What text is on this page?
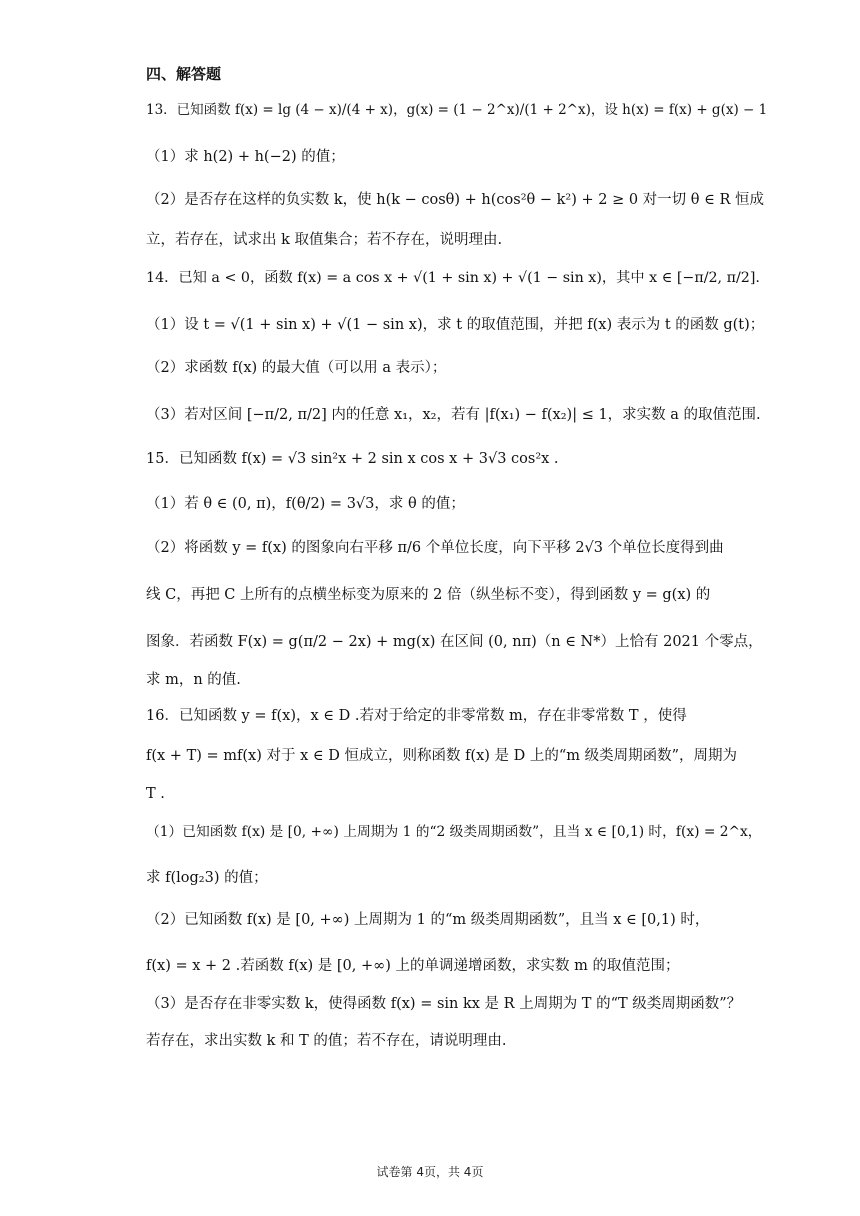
四、解答题
13．已知函数 f(x) = lg (4 − x)/(4 + x)，g(x) = (1 − 2^x)/(1 + 2^x)，设 h(x) = f(x) + g(x) − 1
（1）求 h(2) + h(−2) 的值；
（2）是否存在这样的负实数 k，使 h(k − cosθ) + h(cos²θ − k²) + 2 ≥ 0 对一切 θ ∈ R 恒成
立，若存在，试求出 k 取值集合；若不存在，说明理由.
14．已知 a < 0，函数 f(x) = a cos x + √(1 + sin x) + √(1 − sin x)，其中 x ∈ [−π/2, π/2].
（1）设 t = √(1 + sin x) + √(1 − sin x)，求 t 的取值范围，并把 f(x) 表示为 t 的函数 g(t)；
（2）求函数 f(x) 的最大值（可以用 a 表示）；
（3）若对区间 [−π/2, π/2] 内的任意 x₁，x₂，若有 |f(x₁) − f(x₂)| ≤ 1，求实数 a 的取值范围.
15．已知函数 f(x) = √3 sin²x + 2 sin x cos x + 3√3 cos²x .
（1）若 θ ∈ (0, π)，f(θ/2) = 3√3，求 θ 的值；
（2）将函数 y = f(x) 的图象向右平移 π/6 个单位长度，向下平移 2√3 个单位长度得到曲
线 C，再把 C 上所有的点横坐标变为原来的 2 倍（纵坐标不变），得到函数 y = g(x) 的
图象．若函数 F(x) = g(π/2 − 2x) + mg(x) 在区间 (0, nπ)（n ∈ N*）上恰有 2021 个零点，
求 m，n 的值.
16．已知函数 y = f(x)，x ∈ D .若对于给定的非零常数 m，存在非零常数 T ，使得
f(x + T) = mf(x) 对于 x ∈ D 恒成立，则称函数 f(x) 是 D 上的“m 级类周期函数”，周期为
T .
（1）已知函数 f(x) 是 [0, +∞) 上周期为 1 的“2 级类周期函数”，且当 x ∈ [0,1) 时，f(x) = 2^x，
求 f(log₂3) 的值；
（2）已知函数 f(x) 是 [0, +∞) 上周期为 1 的“m 级类周期函数”，且当 x ∈ [0,1) 时，
f(x) = x + 2 .若函数 f(x) 是 [0, +∞) 上的单调递增函数，求实数 m 的取值范围；
（3）是否存在非零实数 k，使得函数 f(x) = sin kx 是 R 上周期为 T 的“T 级类周期函数”？
若存在，求出实数 k 和 T 的值；若不存在，请说明理由.
试卷第 4页，共 4页
